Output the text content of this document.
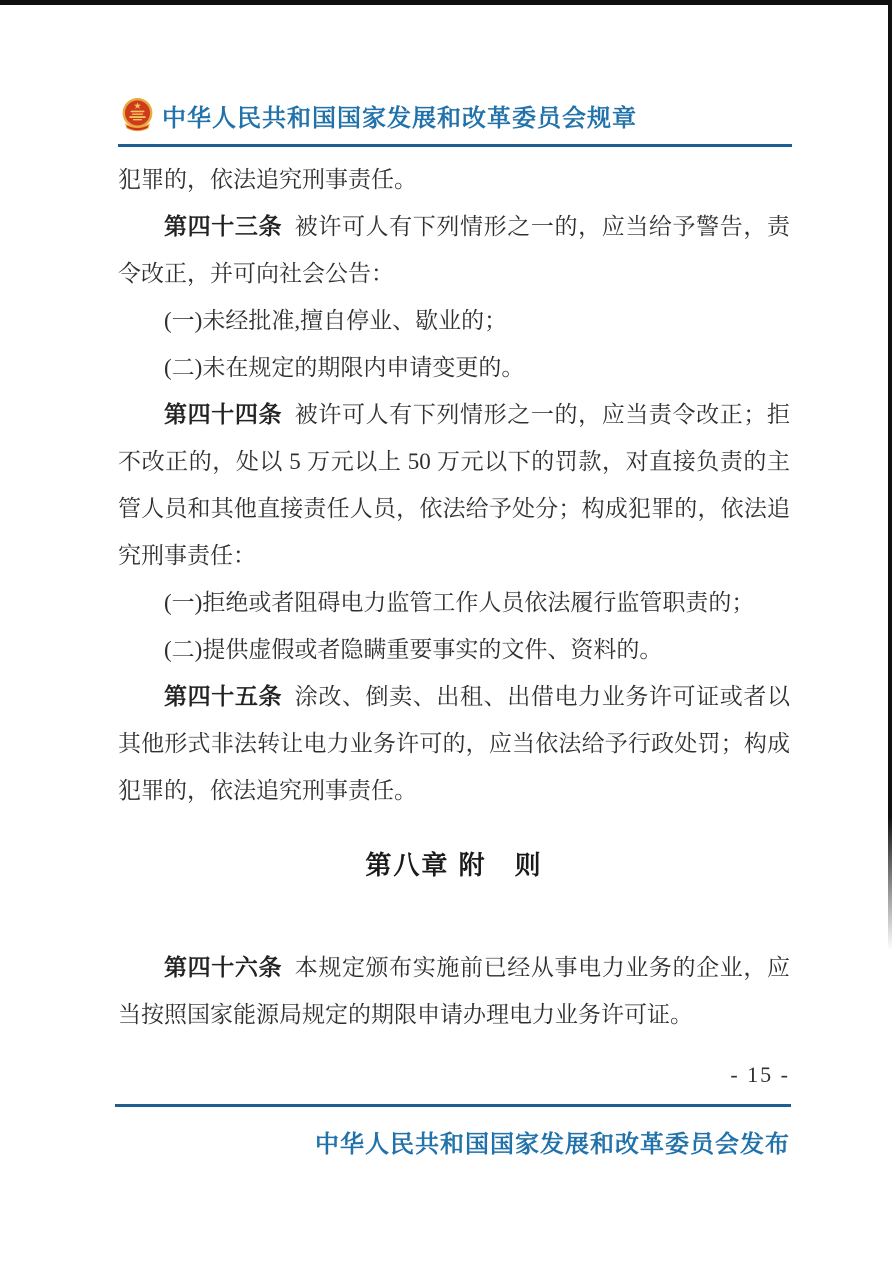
中华人民共和国国家发展和改革委员会规章

犯罪的，依法追究刑事责任。

第四十三条 被许可人有下列情形之一的，应当给予警告，责令改正，并可向社会公告：

(一)未经批准,擅自停业、歇业的；

(二)未在规定的期限内申请变更的。

第四十四条 被许可人有下列情形之一的，应当责令改正；拒不改正的，处以 5 万元以上 50 万元以下的罚款，对直接负责的主管人员和其他直接责任人员，依法给予处分；构成犯罪的，依法追究刑事责任：

(一)拒绝或者阻碍电力监管工作人员依法履行监管职责的；

(二)提供虚假或者隐瞒重要事实的文件、资料的。

第四十五条 涂改、倒卖、出租、出借电力业务许可证或者以其他形式非法转让电力业务许可的，应当依法给予行政处罚；构成犯罪的，依法追究刑事责任。

第八章 附　则

第四十六条 本规定颁布实施前已经从事电力业务的企业，应当按照国家能源局规定的期限申请办理电力业务许可证。

- 15 -
中华人民共和国国家发展和改革委员会发布
